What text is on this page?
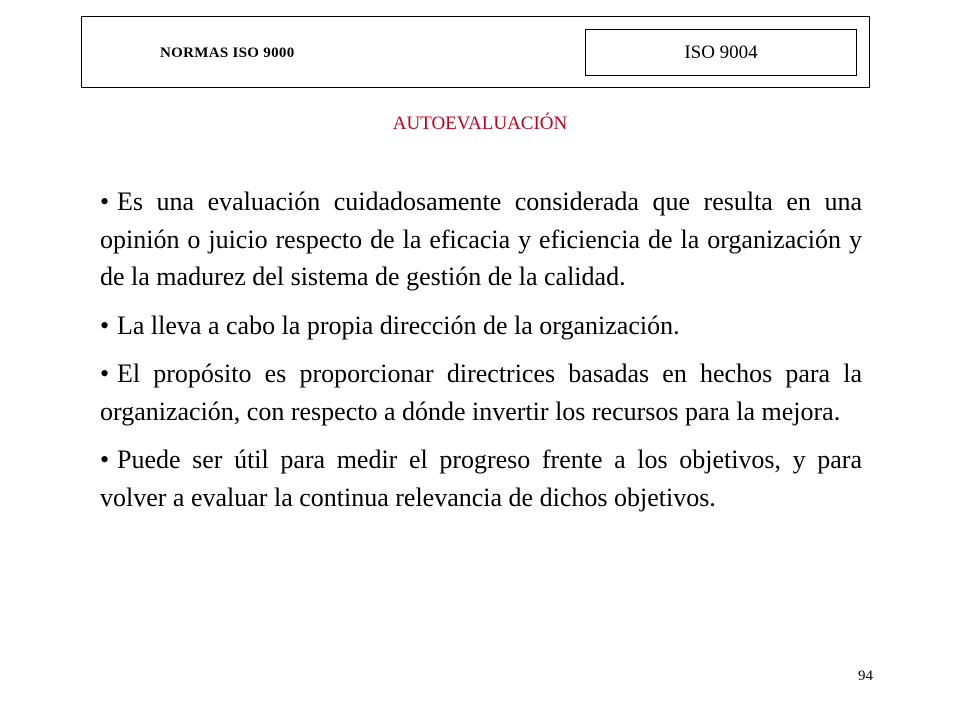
NORMAS ISO 9000	ISO 9004
AUTOEVALUACIÓN

• Es una evaluación cuidadosamente considerada que resulta en una opinión o juicio respecto de la eficacia y eficiencia de la organización y de la madurez del sistema de gestión de la calidad.

• La lleva a cabo la propia dirección de la organización.

• El propósito es proporcionar directrices basadas en hechos para la organización, con respecto a dónde invertir los recursos para la mejora.

• Puede ser útil para medir el progreso frente a los objetivos, y para volver a evaluar la continua relevancia de dichos objetivos.

94
